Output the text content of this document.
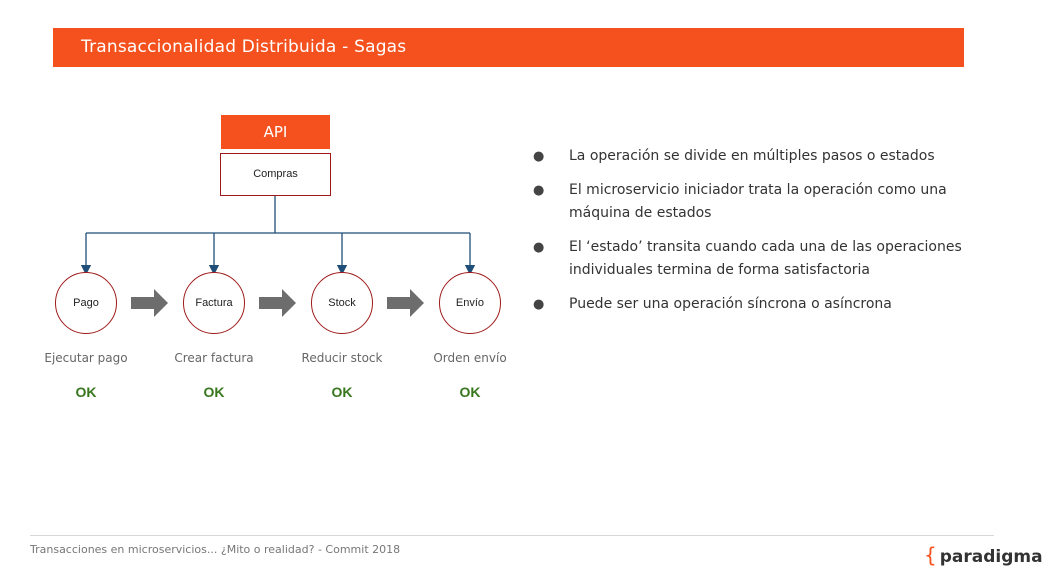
Transaccionalidad Distribuida - Sagas
API
Compras
Pago	Factura	Stock	Envío
Ejecutar pago	Crear factura	Reducir stock	Orden envío
OK	OK	OK	OK
● La operación se divide en múltiples pasos o estados
● El microservicio iniciador trata la operación como una máquina de estados
● El ‘estado’ transita cuando cada una de las operaciones individuales termina de forma satisfactoria
● Puede ser una operación síncrona o asíncrona
Transacciones en microservicios... ¿Mito o realidad? - Commit 2018	{ paradigma
